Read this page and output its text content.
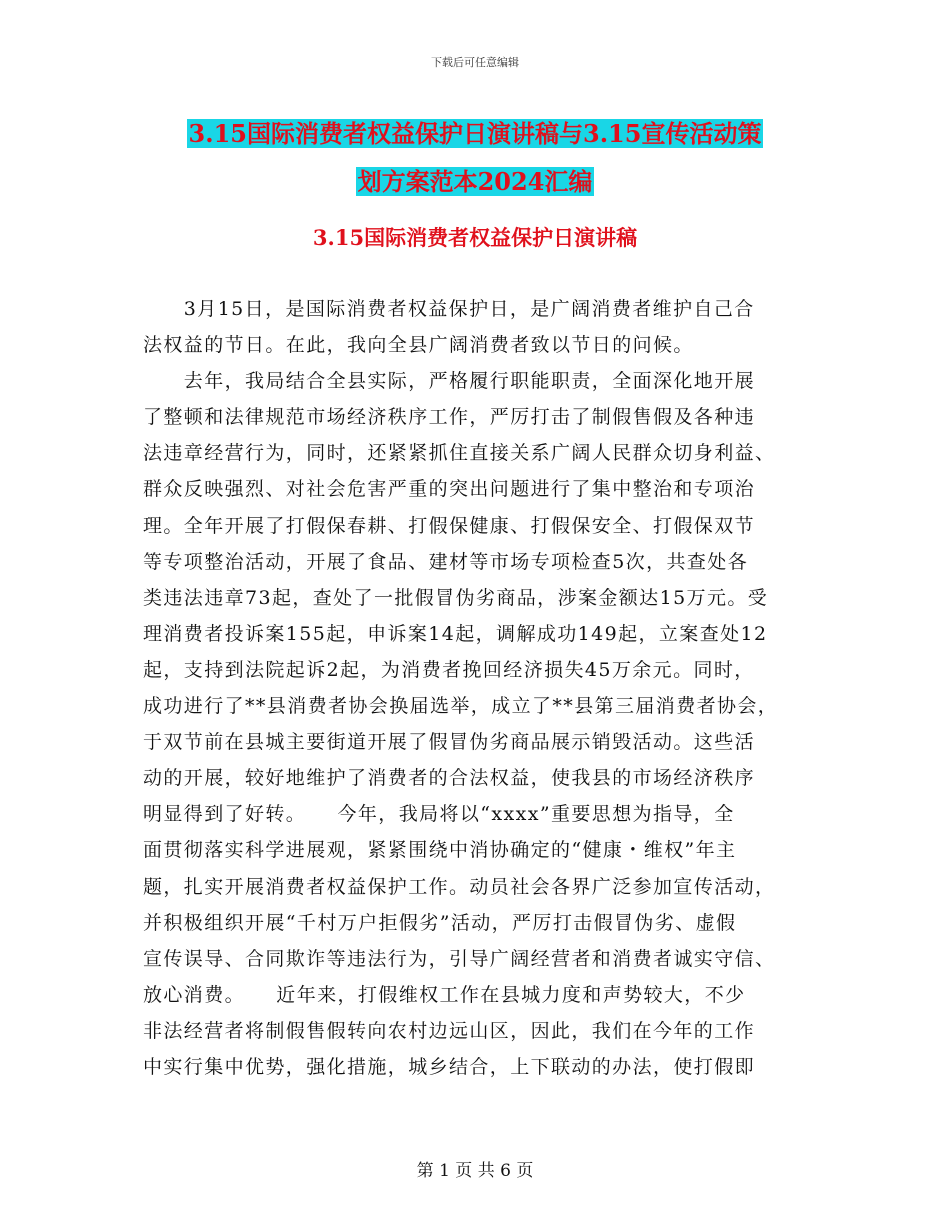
下载后可任意编辑
3.15国际消费者权益保护日演讲稿与3.15宣传活动策
划方案范本2024汇编
3.15国际消费者权益保护日演讲稿
　　3月15日，是国际消费者权益保护日，是广阔消费者维护自己合
法权益的节日。在此，我向全县广阔消费者致以节日的问候。
　　去年，我局结合全县实际，严格履行职能职责，全面深化地开展
了整顿和法律规范市场经济秩序工作，严厉打击了制假售假及各种违
法违章经营行为，同时，还紧紧抓住直接关系广阔人民群众切身利益、
群众反映强烈、对社会危害严重的突出问题进行了集中整治和专项治
理。全年开展了打假保春耕、打假保健康、打假保安全、打假保双节
等专项整治活动，开展了食品、建材等市场专项检查5次，共查处各
类违法违章73起，查处了一批假冒伪劣商品，涉案金额达15万元。受
理消费者投诉案155起，申诉案14起，调解成功149起，立案查处12
起，支持到法院起诉2起，为消费者挽回经济损失45万余元。同时，
成功进行了**县消费者协会换届选举，成立了**县第三届消费者协会，
于双节前在县城主要街道开展了假冒伪劣商品展示销毁活动。这些活
动的开展，较好地维护了消费者的合法权益，使我县的市场经济秩序
明显得到了好转。　　今年，我局将以“xxxx”重要思想为指导，全
面贯彻落实科学进展观，紧紧围绕中消协确定的“健康・维权”年主
题，扎实开展消费者权益保护工作。动员社会各界广泛参加宣传活动，
并积极组织开展“千村万户拒假劣”活动，严厉打击假冒伪劣、虚假
宣传误导、合同欺诈等违法行为，引导广阔经营者和消费者诚实守信、
放心消费。　　近年来，打假维权工作在县城力度和声势较大，不少
非法经营者将制假售假转向农村边远山区，因此，我们在今年的工作
中实行集中优势，强化措施，城乡结合，上下联动的办法，使打假即
第 1 页 共 6 页
